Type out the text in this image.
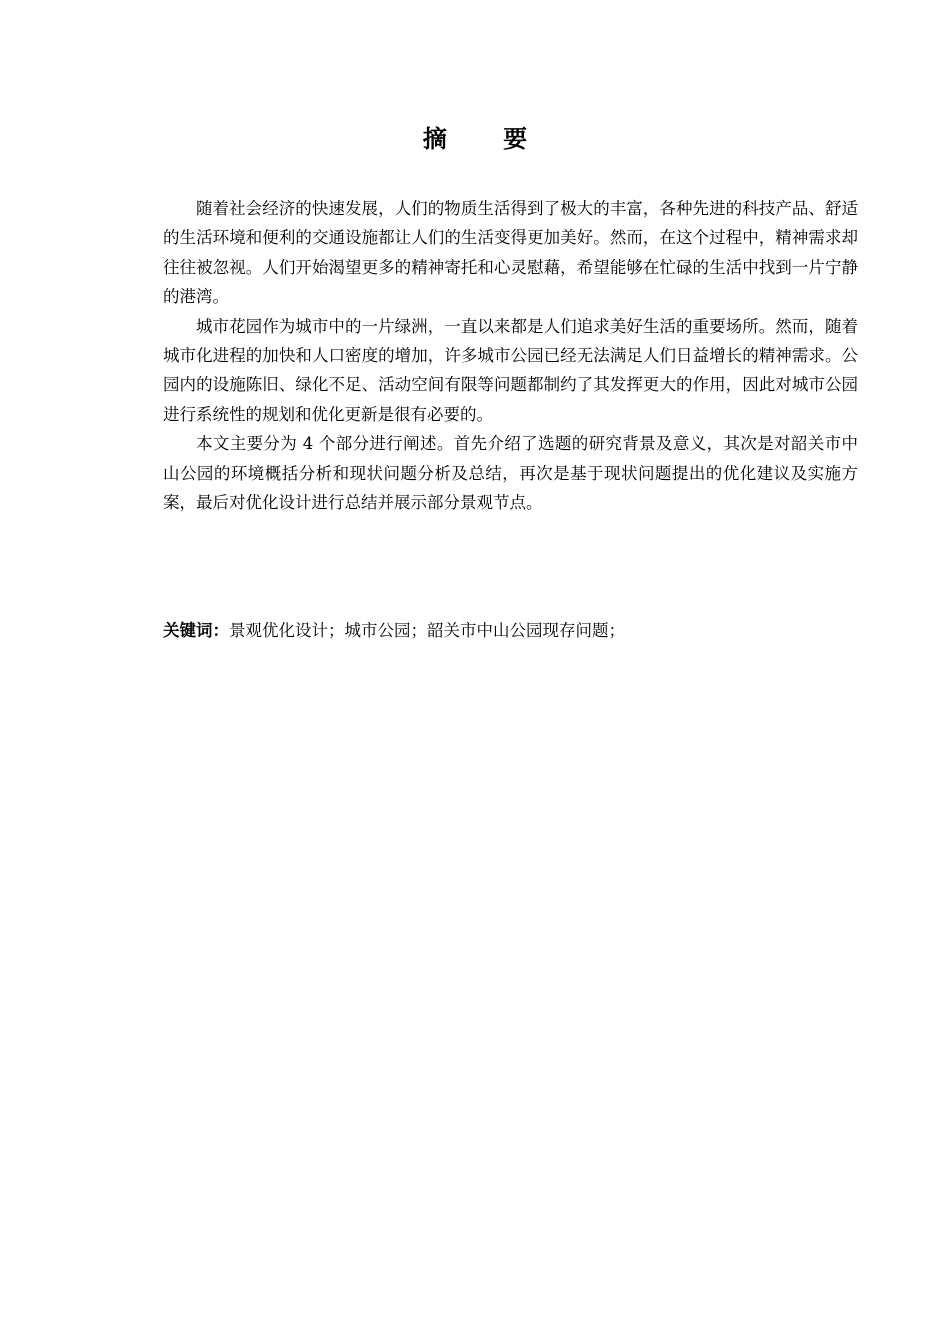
摘 要

随着社会经济的快速发展，人们的物质生活得到了极大的丰富，各种先进的科技产品、舒适的生活环境和便利的交通设施都让人们的生活变得更加美好。然而，在这个过程中，精神需求却往往被忽视。人们开始渴望更多的精神寄托和心灵慰藉，希望能够在忙碌的生活中找到一片宁静的港湾。

城市花园作为城市中的一片绿洲，一直以来都是人们追求美好生活的重要场所。然而，随着城市化进程的加快和人口密度的增加，许多城市公园已经无法满足人们日益增长的精神需求。公园内的设施陈旧、绿化不足、活动空间有限等问题都制约了其发挥更大的作用，因此对城市公园进行系统性的规划和优化更新是很有必要的。

本文主要分为 4 个部分进行阐述。首先介绍了选题的研究背景及意义，其次是对韶关市中山公园的环境概括分析和现状问题分析及总结，再次是基于现状问题提出的优化建议及实施方案，最后对优化设计进行总结并展示部分景观节点。

关键词：景观优化设计；城市公园；韶关市中山公园现存问题；
